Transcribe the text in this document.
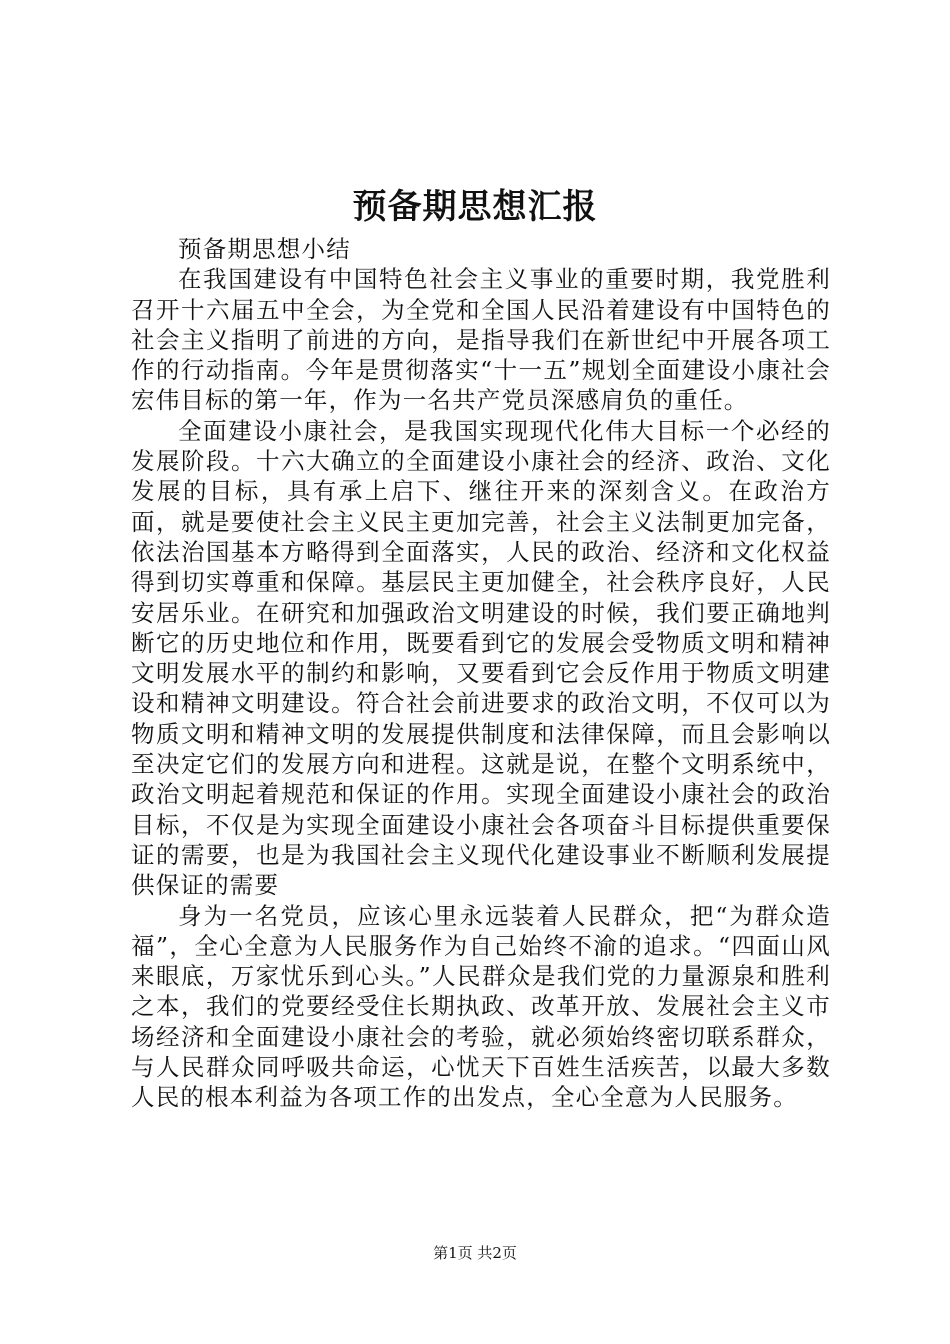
预备期思想汇报

预备期思想小结

在我国建设有中国特色社会主义事业的重要时期，我党胜利召开十六届五中全会，为全党和全国人民沿着建设有中国特色的社会主义指明了前进的方向，是指导我们在新世纪中开展各项工作的行动指南。今年是贯彻落实“十一五”规划全面建设小康社会宏伟目标的第一年，作为一名共产党员深感肩负的重任。

全面建设小康社会，是我国实现现代化伟大目标一个必经的发展阶段。十六大确立的全面建设小康社会的经济、政治、文化发展的目标，具有承上启下、继往开来的深刻含义。在政治方面，就是要使社会主义民主更加完善，社会主义法制更加完备，依法治国基本方略得到全面落实，人民的政治、经济和文化权益得到切实尊重和保障。基层民主更加健全，社会秩序良好，人民安居乐业。在研究和加强政治文明建设的时候，我们要正确地判断它的历史地位和作用，既要看到它的发展会受物质文明和精神文明发展水平的制约和影响，又要看到它会反作用于物质文明建设和精神文明建设。符合社会前进要求的政治文明，不仅可以为物质文明和精神文明的发展提供制度和法律保障，而且会影响以至决定它们的发展方向和进程。这就是说，在整个文明系统中，政治文明起着规范和保证的作用。实现全面建设小康社会的政治目标，不仅是为实现全面建设小康社会各项奋斗目标提供重要保证的需要，也是为我国社会主义现代化建设事业不断顺利发展提供保证的需要

身为一名党员，应该心里永远装着人民群众，把“为群众造福”，全心全意为人民服务作为自己始终不渝的追求。“四面山风来眼底，万家忧乐到心头。”人民群众是我们党的力量源泉和胜利之本，我们的党要经受住长期执政、改革开放、发展社会主义市场经济和全面建设小康社会的考验，就必须始终密切联系群众，与人民群众同呼吸共命运，心忧天下百姓生活疾苦，以最大多数人民的根本利益为各项工作的出发点，全心全意为人民服务。

第1页 共2页
